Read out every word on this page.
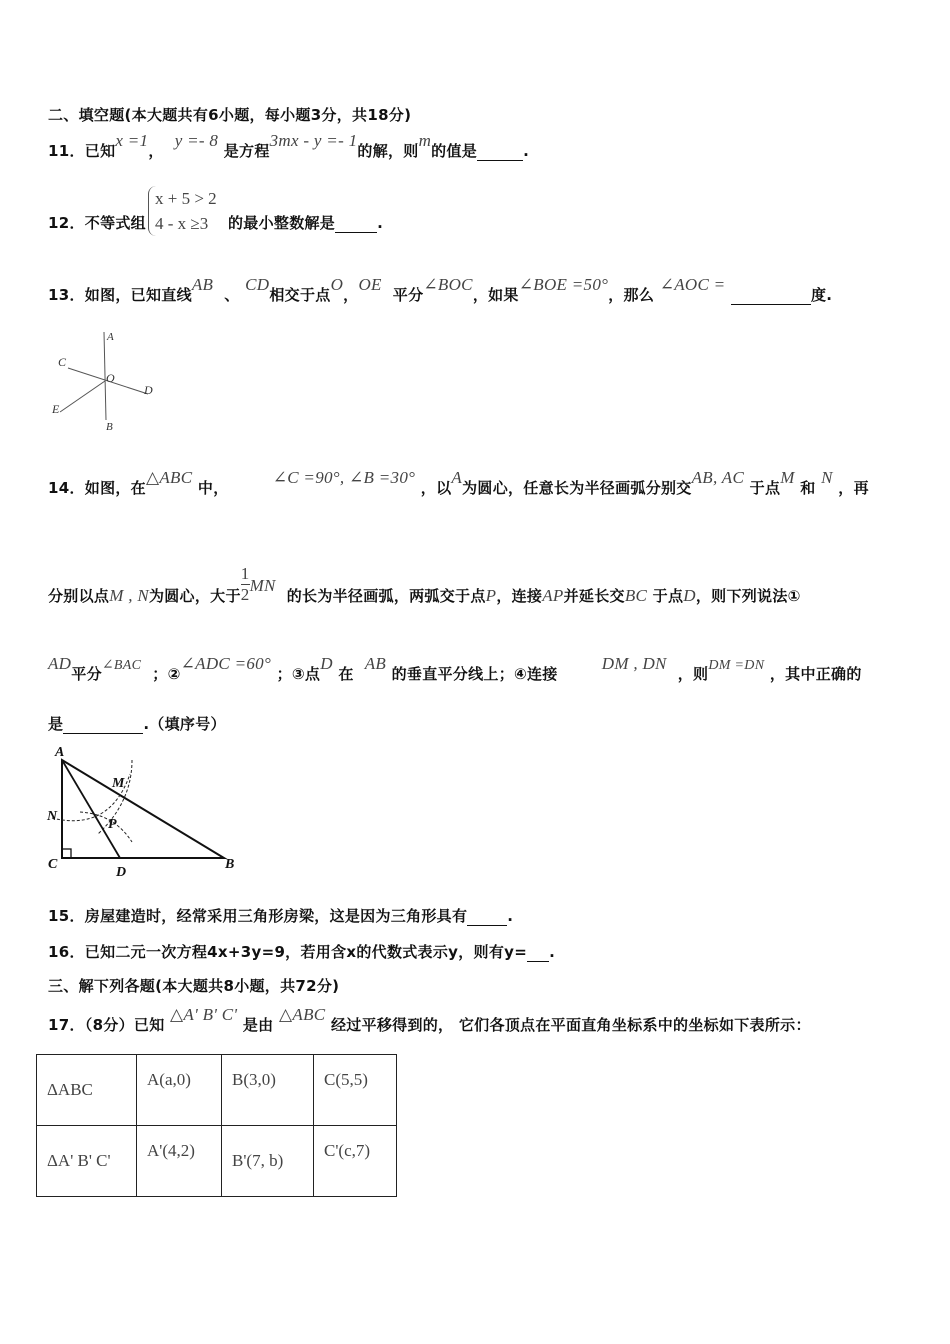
二、填空题(本大题共有6小题，每小题3分，共18分)
11．已知x =1，  y =- 8 是方程3mx - y =- 1的解，则m的值是	.
12．不等式组
x + 5 > 2
4 - x ≥3	的最小整数解是	.
13．如图，已知直线AB  、 CD相交于点O，OE  平分∠BOC，如果∠BOE =50°，那么 ∠AOC =  度.
A
C
O
D
E
B
14．如图，在△ABC 中，        ∠C =90°, ∠B =30° ，以A为圆心，任意长为半径画弧分别交AB, AC 于点M 和 N ，再
分别以点M , N为圆心，大于 $\frac{1}{2}$ MN  的长为半径画弧，两弧交于点P，连接AP并延长交BC 于点D，则下列说法①
AD平分∠BAC ；②∠ADC =60° ；③点D 在  AB 的垂直平分线上；④连接        DM , DN  ，则DM =DN ，其中正确的
是	.（填序号）
A
M
N
P
C
D
B
15．房屋建造时，经常采用三角形房梁，这是因为三角形具有	.
16．已知二元一次方程4x+3y=9，若用含x的代数式表示y，则有y= .
三、解下列各题(本大题共8小题，共72分)
17．（8分）已知 △A' B' C' 是由 △ABC 经过平移得到的， 它们各顶点在平面直角坐标系中的坐标如下表所示：
ΔABC	A(a,0)	B(3,0)	C(5,5)
ΔA' B' C'	A'(4,2)	B'(7, b)	C'(c,7)
